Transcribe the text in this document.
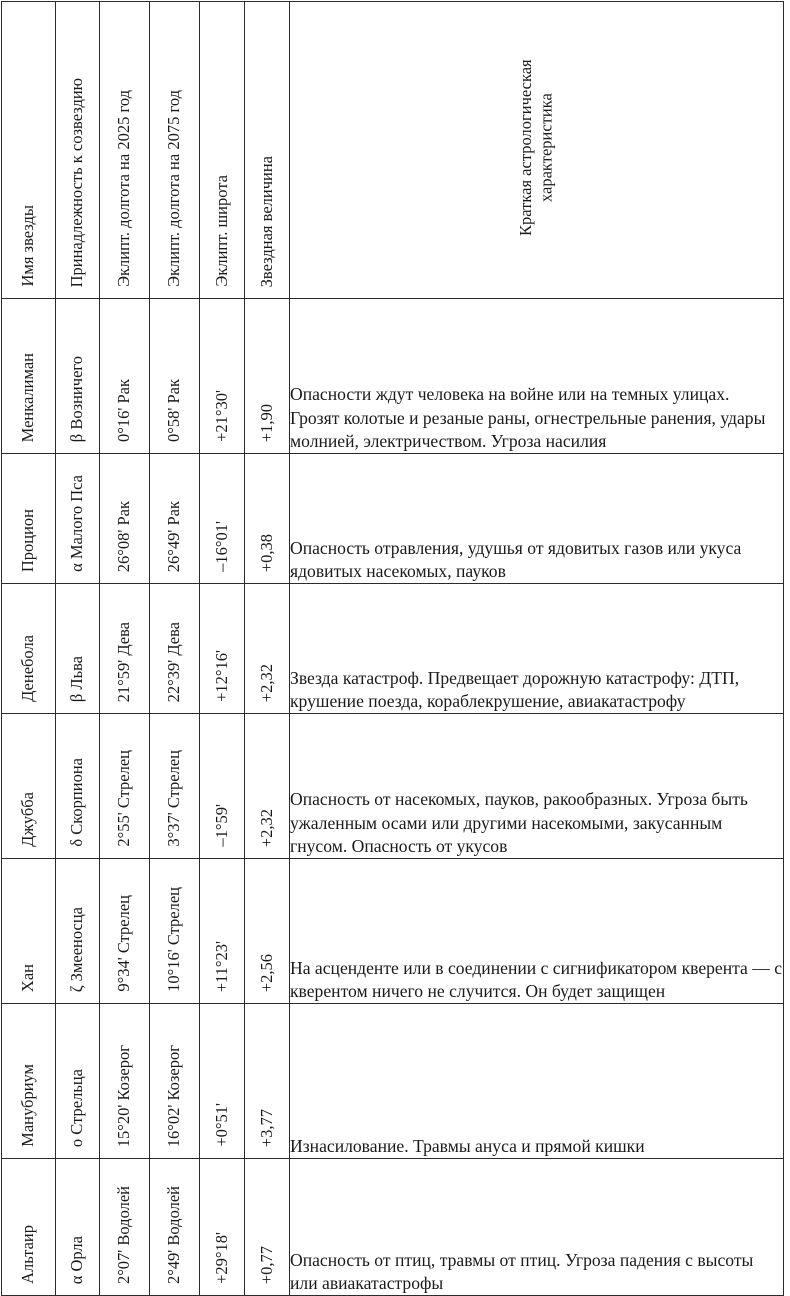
Имя звезды	Принадлежность к созвездию	Эклипт. долгота на 2025 год	Эклипт. долгота на 2075 год	Эклипт. широта	Звездная величина	Краткая астрологическая характеристика
Менкалиман	β Возничего	0°16' Рак	0°58' Рак	+21°30'	+1,90	Опасности ждут человека на войне или на темных улицах. Грозят колотые и резаные раны, огнестрельные ранения, удары молнией, электричеством. Угроза насилия

Процион	α Малого Пса	26°08' Рак	26°49' Рак	–16°01'	+0,38	Опасность отравления, удушья от ядовитых газов или укуса ядовитых насекомых, пауков

Денебола	β Льва	21°59' Дева	22°39' Дева	+12°16'	+2,32	Звезда катастроф. Предвещает дорожную катастрофу: ДТП, крушение поезда, кораблекрушение, авиакатастрофу

Джубба	δ Скорпиона	2°55' Стрелец	3°37' Стрелец	–1°59'	+2,32	Опасность от насекомых, пауков, ракообразных. Угроза быть ужаленным осами или другими насекомыми, закусанным гнусом. Опасность от укусов

Хан	ζ Змееносца	9°34' Стрелец	10°16' Стрелец	+11°23'	+2,56	На асценденте или в соединении с сигнификатором кверента — с кверентом ничего не случится. Он будет защищен

Манубриум	о Стрельца	15°20' Козерог	16°02' Козерог	+0°51'	+3,77	Изнасилование. Травмы ануса и прямой кишки

Альтаир	α Орла	2°07' Водолей	2°49' Водолей	+29°18'	+0,77	Опасность от птиц, травмы от птиц. Угроза падения с высоты или авиакатастрофы
